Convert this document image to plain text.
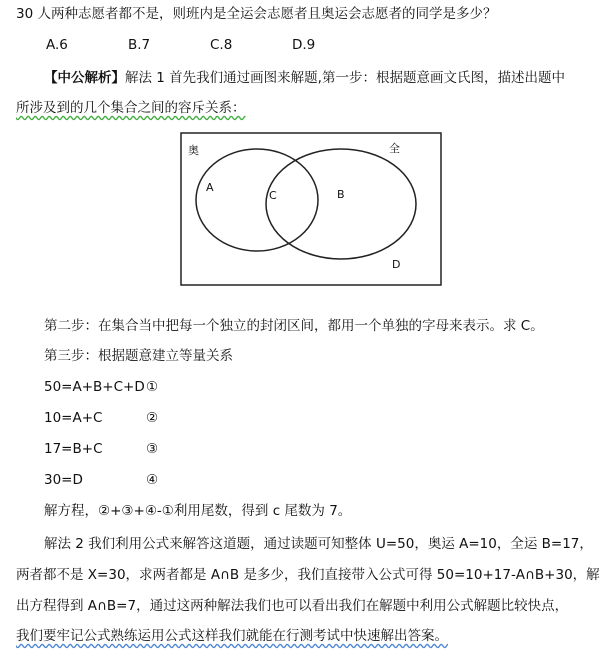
30 人两种志愿者都不是，则班内是全运会志愿者且奥运会志愿者的同学是多少？
A.6	B.7	C.8	D.9
【中公解析】解法 1 首先我们通过画图来解题,第一步：根据题意画文氏图，描述出题中
所涉及到的几个集合之间的容斥关系：
奥	全
A
C	B
D
第二步：在集合当中把每一个独立的封闭区间，都用一个单独的字母来表示。求 C。
第三步：根据题意建立等量关系
50=A+B+C+D①
10=A+C	②
17=B+C	③
30=D	④
解方程，②+③+④-①利用尾数，得到 c 尾数为 7。
解法 2 我们利用公式来解答这道题，通过读题可知整体 U=50，奥运 A=10，全运 B=17，
两者都不是 X=30，求两者都是 A∩B 是多少，我们直接带入公式可得 50=10+17-A∩B+30，解
出方程得到 A∩B=7，通过这两种解法我们也可以看出我们在解题中利用公式解题比较快点，
我们要牢记公式熟练运用公式这样我们就能在行测考试中快速解出答案。
